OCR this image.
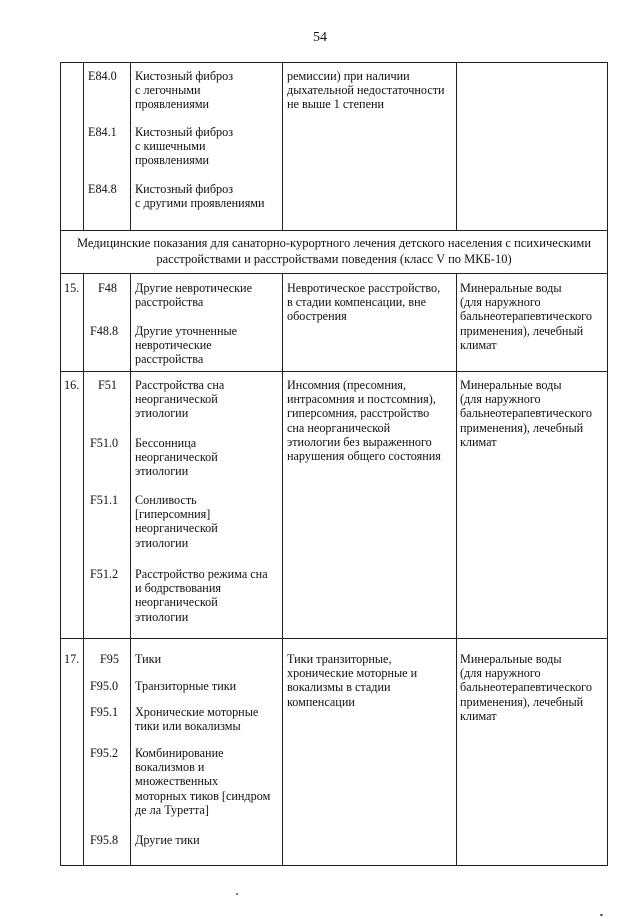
54
E84.0 Кистозный фиброз
с легочными
проявлениями
E84.1 Кистозный фиброз
с кишечными
проявлениями
E84.8 Кистозный фиброз
с другими проявлениями
ремиссии) при наличии
дыхательной недостаточности
не выше 1 степени
Медицинские показания для санаторно-курортного лечения детского населения с психическими
расстройствами и расстройствами поведения (класс V по МКБ-10)
15. F48 Другие невротические
расстройства
F48.8 Другие уточненные
невротические
расстройства
Невротическое расстройство,
в стадии компенсации, вне
обострения
Минеральные воды
(для наружного
бальнеотерапевтического
применения), лечебный
климат
16. F51 Расстройства сна
неорганической
этиологии
F51.0 Бессонница
неорганической
этиологии
F51.1 Сонливость
[гиперсомния]
неорганической
этиологии
F51.2 Расстройство режима сна
и бодрствования
неорганической
этиологии
Инсомния (пресомния,
интрасомния и постсомния),
гиперсомния, расстройство
сна неорганической
этиологии без выраженного
нарушения общего состояния
Минеральные воды
(для наружного
бальнеотерапевтического
применения), лечебный
климат
17. F95 Тики
F95.0 Транзиторные тики
F95.1 Хронические моторные
тики или вокализмы
F95.2 Комбинирование
вокализмов и
множественных
моторных тиков [синдром
де ла Туретта]
F95.8 Другие тики
Тики транзиторные,
хронические моторные и
вокализмы в стадии
компенсации
Минеральные воды
(для наружного
бальнеотерапевтического
применения), лечебный
климат
